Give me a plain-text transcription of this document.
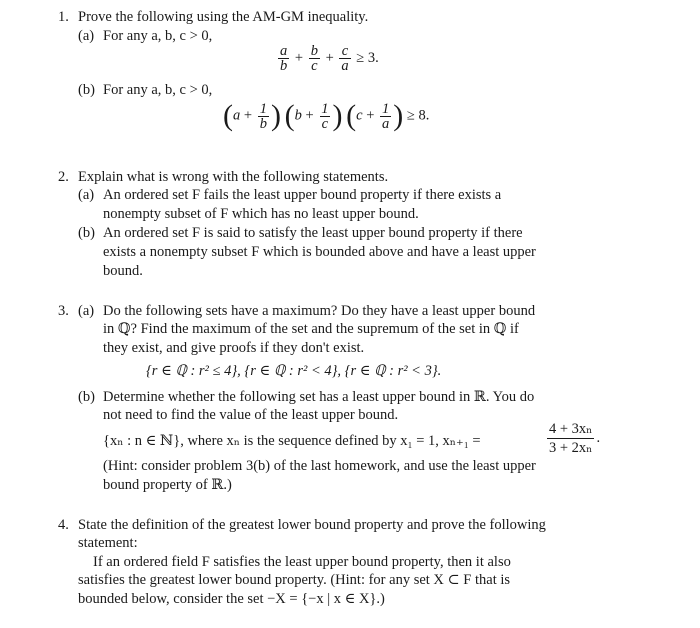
1. Prove the following using the AM-GM inequality.
(a) For any a, b, c > 0,
$\frac{a}{b} + \frac{b}{c} + \frac{c}{a} \ge 3$.
(b) For any a, b, c > 0,
($a + \frac{1}{b}$ ) ($b + \frac{1}{c}$ ) ($c + \frac{1}{a}$ ) ≥ 8.
2. Explain what is wrong with the following statements.
(a) An ordered set F fails the least upper bound property if there exists a
nonempty subset of F which has no least upper bound.
(b) An ordered set F is said to satisfy the least upper bound property if there
exists a nonempty subset F which is bounded above and have a least upper
bound.
3. (a) Do the following sets have a maximum? Do they have a least upper bound
in ℚ? Find the maximum of the set and the supremum of the set in ℚ if
they exist, and give proofs if they don't exist.
{r ∈ ℚ : r² ≤ 4}, {r ∈ ℚ : r² < 4}, {r ∈ ℚ : r² < 3}.
(b) Determine whether the following set has a least upper bound in ℝ. You do
not need to find the value of the least upper bound.
{xₙ : n ∈ ℕ}, where xₙ is the sequence defined by x₁ = 1, xₙ₊₁ =	$\frac{\text{4 + 3xₙ}}{\text{3 + 2xₙ}}$ .
(Hint: consider problem 3(b) of the last homework, and use the least upper
bound property of ℝ.)
4. State the definition of the greatest lower bound property and prove the following
statement:
If an ordered field F satisfies the least upper bound property, then it also
satisfies the greatest lower bound property. (Hint: for any set X ⊂ F that is
bounded below, consider the set −X = {−x | x ∈ X}.)
